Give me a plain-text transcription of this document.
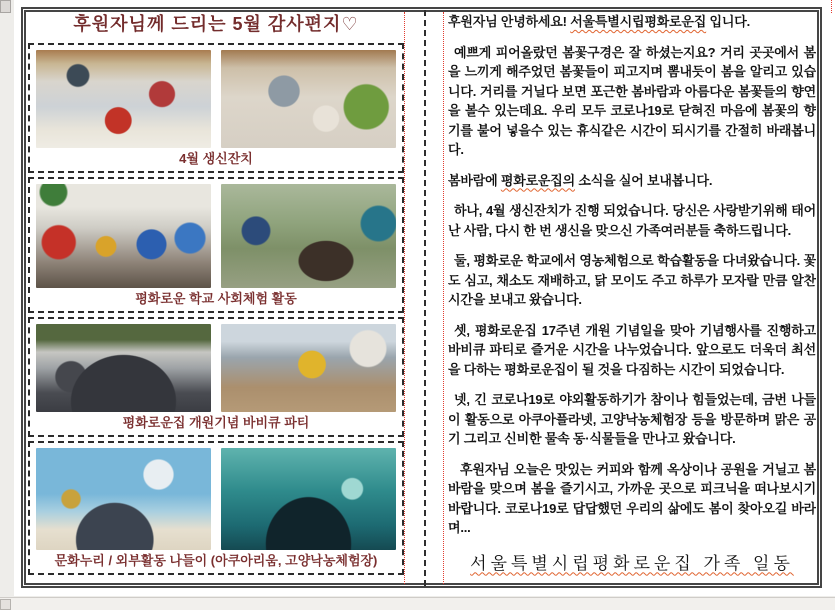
후원자님께 드리는 5월 감사편지♡
4월 생신잔치
평화로운 학교 사회체험 활동
평화로운집 개원기념 바비큐 파티
문화누리 / 외부활동 나들이 (아쿠아리움, 고양낙농체험장)

후원자님 안녕하세요! 서울특별시립평화로운집 입니다.

예쁘게 피어올랐던 봄꽃구경은 잘 하셨는지요? 거리 곳곳에서 봄을 느끼게 해주었던 봄꽃들이 피고지며 뽐내듯이 봄을 알리고 있습니다. 거리를 거닐다 보면 포근한 봄바람과 아름다운 봄꽃들의 향연을 볼수 있는데요. 우리 모두 코로나19로 닫혀진 마음에 봄꽃의 향기를 불어 넣을수 있는 휴식같은 시간이 되시기를 간절히 바래봅니다.

봄바람에 평화로운집의 소식을 실어 보내봅니다.

하나, 4월 생신잔치가 진행 되었습니다. 당신은 사랑받기위해 태어난 사람, 다시 한 번 생신을 맞으신 가족여러분들 축하드립니다.

둘, 평화로운 학교에서 영농체험으로 학습활동을 다녀왔습니다. 꽃도 심고, 채소도 재배하고, 닭 모이도 주고 하루가 모자랄 만큼 알찬 시간을 보내고 왔습니다.

셋, 평화로운집 17주년 개원 기념일을 맞아 기념행사를 진행하고 바비큐 파티로 즐거운 시간을 나누었습니다. 앞으로도 더욱더 최선을 다하는 평화로운집이 될 것을 다짐하는 시간이 되었습니다.

넷, 긴 코로나19로 야외활동하기가 참이나 힘들었는데, 금번 나들이 활동으로 아쿠아플라넷, 고양낙농체험장 등을 방문하며 맑은 공기 그리고 신비한 물속 동·식물들을 만나고 왔습니다.

후원자님 오늘은 맛있는 커피와 함께 옥상이나 공원을 거닐고 봄바람을 맞으며 봄을 즐기시고, 가까운 곳으로 피크닉을 떠나보시기 바랍니다. 코로나19로 답답했던 우리의 삶에도 봄이 찾아오길 바라며...

서울특별시립평화로운집 가족 일동
